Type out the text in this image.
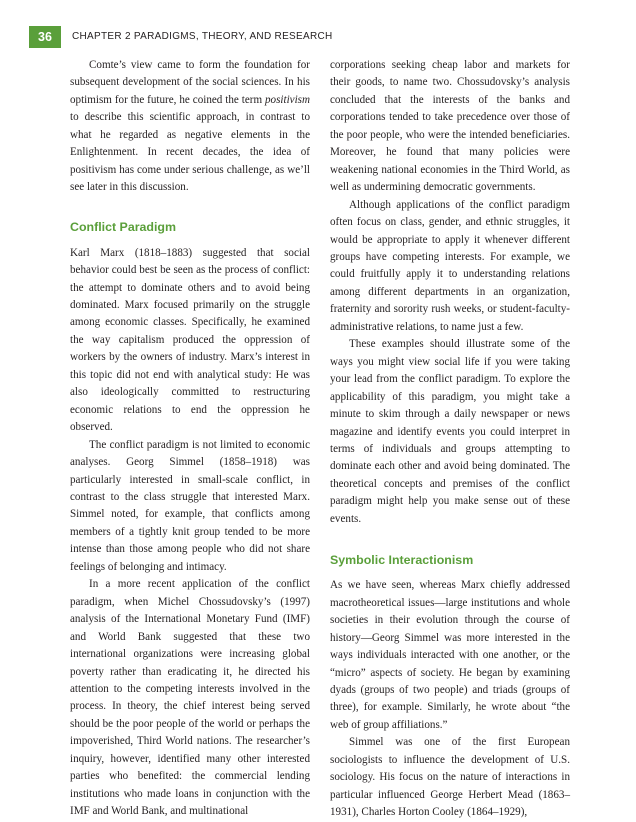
36	CHAPTER 2 PARADIGMS, THEORY, AND RESEARCH

Comte’s view came to form the foundation for subsequent development of the social sciences. In his optimism for the future, he coined the term positivism to describe this scientific approach, in contrast to what he regarded as negative elements in the Enlightenment. In recent decades, the idea of positivism has come under serious challenge, as we’ll see later in this discussion.

Conflict Paradigm

Karl Marx (1818–1883) suggested that social behavior could best be seen as the process of conflict: the attempt to dominate others and to avoid being dominated. Marx focused primarily on the struggle among economic classes. Specifically, he examined the way capitalism produced the oppression of workers by the owners of industry. Marx’s interest in this topic did not end with analytical study: He was also ideologically committed to restructuring economic relations to end the oppression he observed.

The conflict paradigm is not limited to economic analyses. Georg Simmel (1858–1918) was particularly interested in small-scale conflict, in contrast to the class struggle that interested Marx. Simmel noted, for example, that conflicts among members of a tightly knit group tended to be more intense than those among people who did not share feelings of belonging and intimacy.

In a more recent application of the conflict paradigm, when Michel Chossudovsky’s (1997) analysis of the International Monetary Fund (IMF) and World Bank suggested that these two international organizations were increasing global poverty rather than eradicating it, he directed his attention to the competing interests involved in the process. In theory, the chief interest being served should be the poor people of the world or perhaps the impoverished, Third World nations. The researcher’s inquiry, however, identified many other interested parties who benefited: the commercial lending institutions who made loans in conjunction with the IMF and World Bank, and multinational

corporations seeking cheap labor and markets for their goods, to name two. Chossudovsky’s analysis concluded that the interests of the banks and corporations tended to take precedence over those of the poor people, who were the intended beneficiaries. Moreover, he found that many policies were weakening national economies in the Third World, as well as undermining democratic governments.

Although applications of the conflict paradigm often focus on class, gender, and ethnic struggles, it would be appropriate to apply it whenever different groups have competing interests. For example, we could fruitfully apply it to understanding relations among different departments in an organization, fraternity and sorority rush weeks, or student-faculty-administrative relations, to name just a few.

These examples should illustrate some of the ways you might view social life if you were taking your lead from the conflict paradigm. To explore the applicability of this paradigm, you might take a minute to skim through a daily newspaper or news magazine and identify events you could interpret in terms of individuals and groups attempting to dominate each other and avoid being dominated. The theoretical concepts and premises of the conflict paradigm might help you make sense out of these events.

Symbolic Interactionism

As we have seen, whereas Marx chiefly addressed macrotheoretical issues—large institutions and whole societies in their evolution through the course of history—Georg Simmel was more interested in the ways individuals interacted with one another, or the “micro” aspects of society. He began by examining dyads (groups of two people) and triads (groups of three), for example. Similarly, he wrote about “the web of group affiliations.”

Simmel was one of the first European sociologists to influence the development of U.S. sociology. His focus on the nature of interactions in particular influenced George Herbert Mead (1863–1931), Charles Horton Cooley (1864–1929),
